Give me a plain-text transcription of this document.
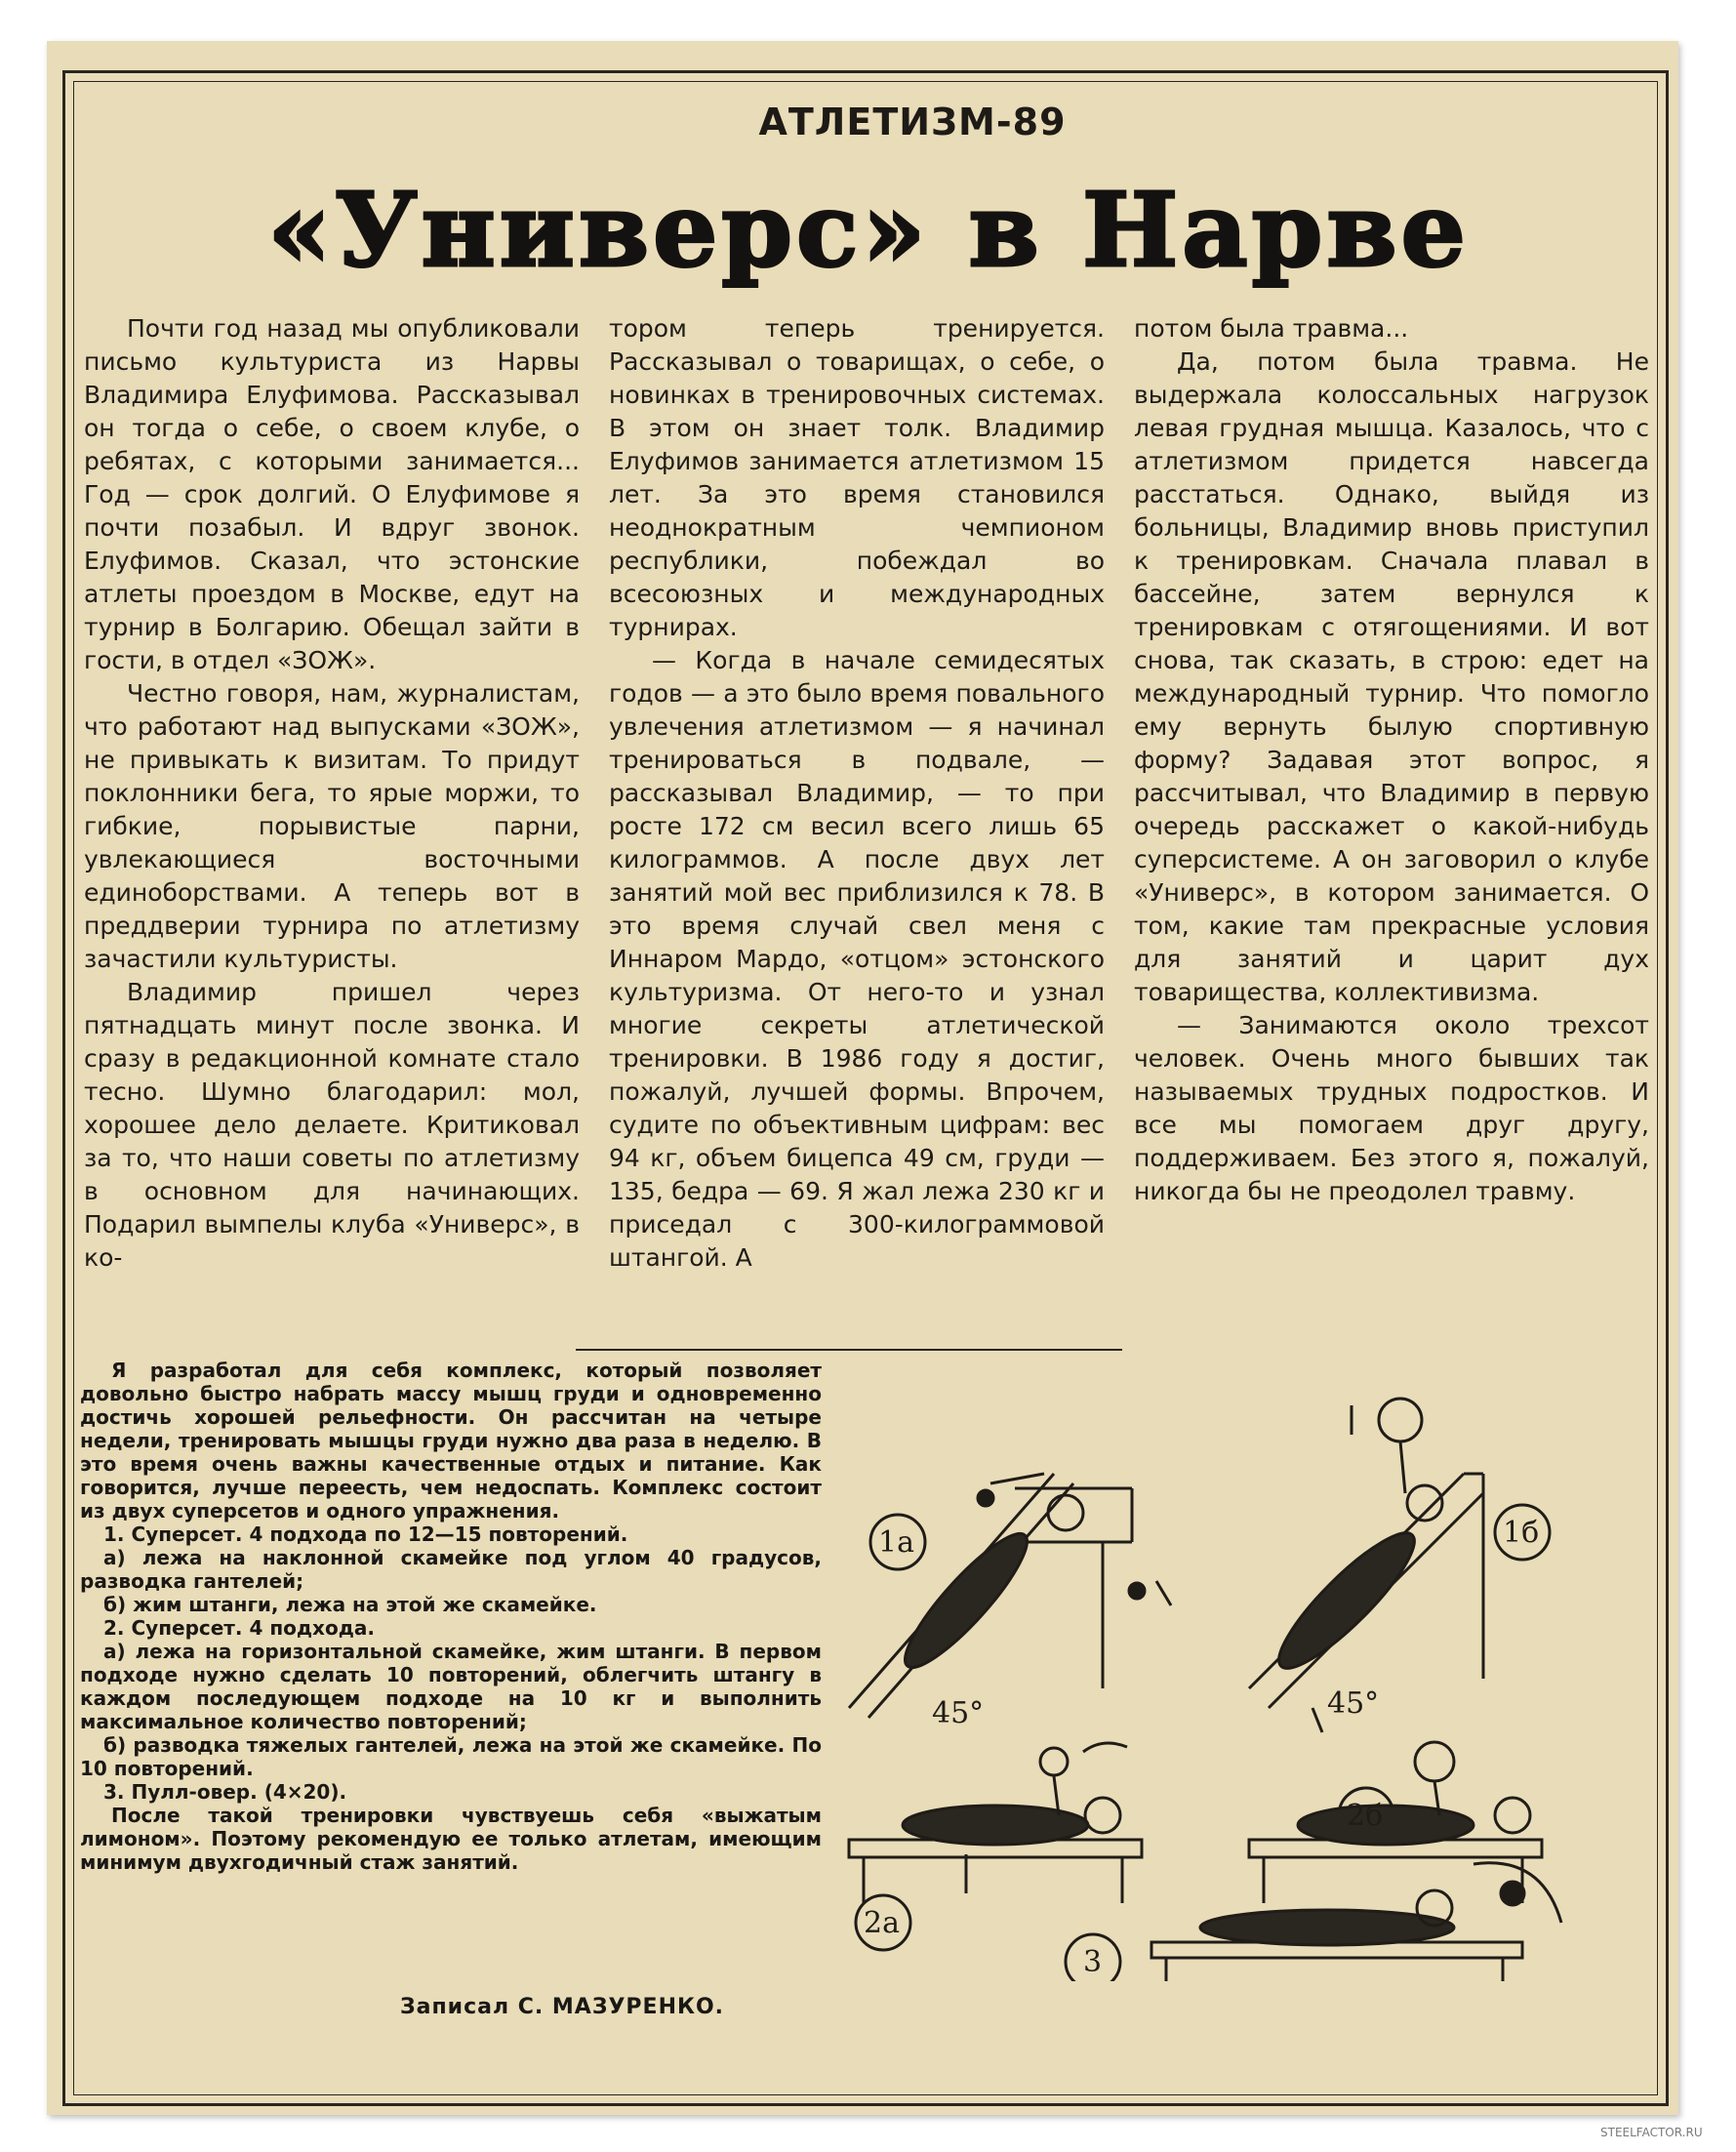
АТЛЕТИЗМ-89
«Универс» в Нарве

Почти год назад мы опубликовали письмо культуриста из Нарвы Владимира Елуфимова. Рассказывал он тогда о себе, о своем клубе, о ребятах, с которыми занимается... Год — срок долгий. О Елуфимове я почти позабыл. И вдруг звонок. Елуфимов. Сказал, что эстонские атлеты проездом в Москве, едут на турнир в Болгарию. Обещал зайти в гости, в отдел «ЗОЖ».

Честно говоря, нам, журналистам, что работают над выпусками «ЗОЖ», не привыкать к визитам. То придут поклонники бега, то ярые моржи, то гибкие, порывистые парни, увлекающиеся восточными единоборствами. А теперь вот в преддверии турнира по атлетизму зачастили культуристы.

Владимир пришел через пятнадцать минут после звонка. И сразу в редакционной комнате стало тесно. Шумно благодарил: мол, хорошее дело делаете. Критиковал за то, что наши советы по атлетизму в основном для начинающих. Подарил вымпелы клуба «Универс», в ко-

тором теперь тренируется. Рассказывал о товарищах, о себе, о новинках в тренировочных системах. В этом он знает толк. Владимир Елуфимов занимается атлетизмом 15 лет. За это время становился неоднократным чемпионом республики, побеждал во всесоюзных и международных турнирах.

— Когда в начале семидесятых годов — а это было время повального увлечения атлетизмом — я начинал тренироваться в подвале, — рассказывал Владимир, — то при росте 172 см весил всего лишь 65 килограммов. А после двух лет занятий мой вес приблизился к 78. В это время случай свел меня с Иннаром Мардо, «отцом» эстонского культуризма. От него-то и узнал многие секреты атлетической тренировки. В 1986 году я достиг, пожалуй, лучшей формы. Впрочем, судите по объективным цифрам: вес 94 кг, объем бицепса 49 см, груди — 135, бедра — 69. Я жал лежа 230 кг и приседал с 300-килограммовой штангой. А

потом была травма...

Да, потом была травма. Не выдержала колоссальных нагрузок левая грудная мышца. Казалось, что с атлетизмом придется навсегда расстаться. Однако, выйдя из больницы, Владимир вновь приступил к тренировкам. Сначала плавал в бассейне, затем вернулся к тренировкам с отягощениями. И вот снова, так сказать, в строю: едет на международный турнир. Что помогло ему вернуть былую спортивную форму? Задавая этот вопрос, я рассчитывал, что Владимир в первую очередь расскажет о какой-нибудь суперсистеме. А он заговорил о клубе «Универс», в котором занимается. О том, какие там прекрасные условия для занятий и царит дух товарищества, коллективизма.

— Занимаются около трехсот человек. Очень много бывших так называемых трудных подростков. И все мы помогаем друг другу, поддерживаем. Без этого я, пожалуй, никогда бы не преодолел травму.

Я разработал для себя комплекс, который позволяет довольно быстро набрать массу мышц груди и одновременно достичь хорошей рельефности. Он рассчитан на четыре недели, тренировать мышцы груди нужно два раза в неделю. В это время очень важны качественные отдых и питание. Как говорится, лучше переесть, чем недоспать. Комплекс состоит из двух суперсетов и одного упражнения.

1. Суперсет. 4 подхода по 12—15 повторений.

а) лежа на наклонной скамейке под углом 40 градусов, разводка гантелей;

б) жим штанги, лежа на этой же скамейке.

2. Суперсет. 4 подхода.

а) лежа на горизонтальной скамейке, жим штанги. В первом подходе нужно сделать 10 повторений, облегчить штангу в каждом последующем подходе на 10 кг и выполнить максимальное количество повторений;

б) разводка тяжелых гантелей, лежа на этой же скамейке. По 10 повторений.

3. Пулл-овер. (4×20).

После такой тренировки чувствуешь себя «выжатым лимоном». Поэтому рекомендую ее только атлетам, имеющим минимум двухгодичный стаж занятий.

Записал С. МАЗУРЕНКО.
1а	1б
2а
2б
3
45°	45°
STEELFACTOR.RU
